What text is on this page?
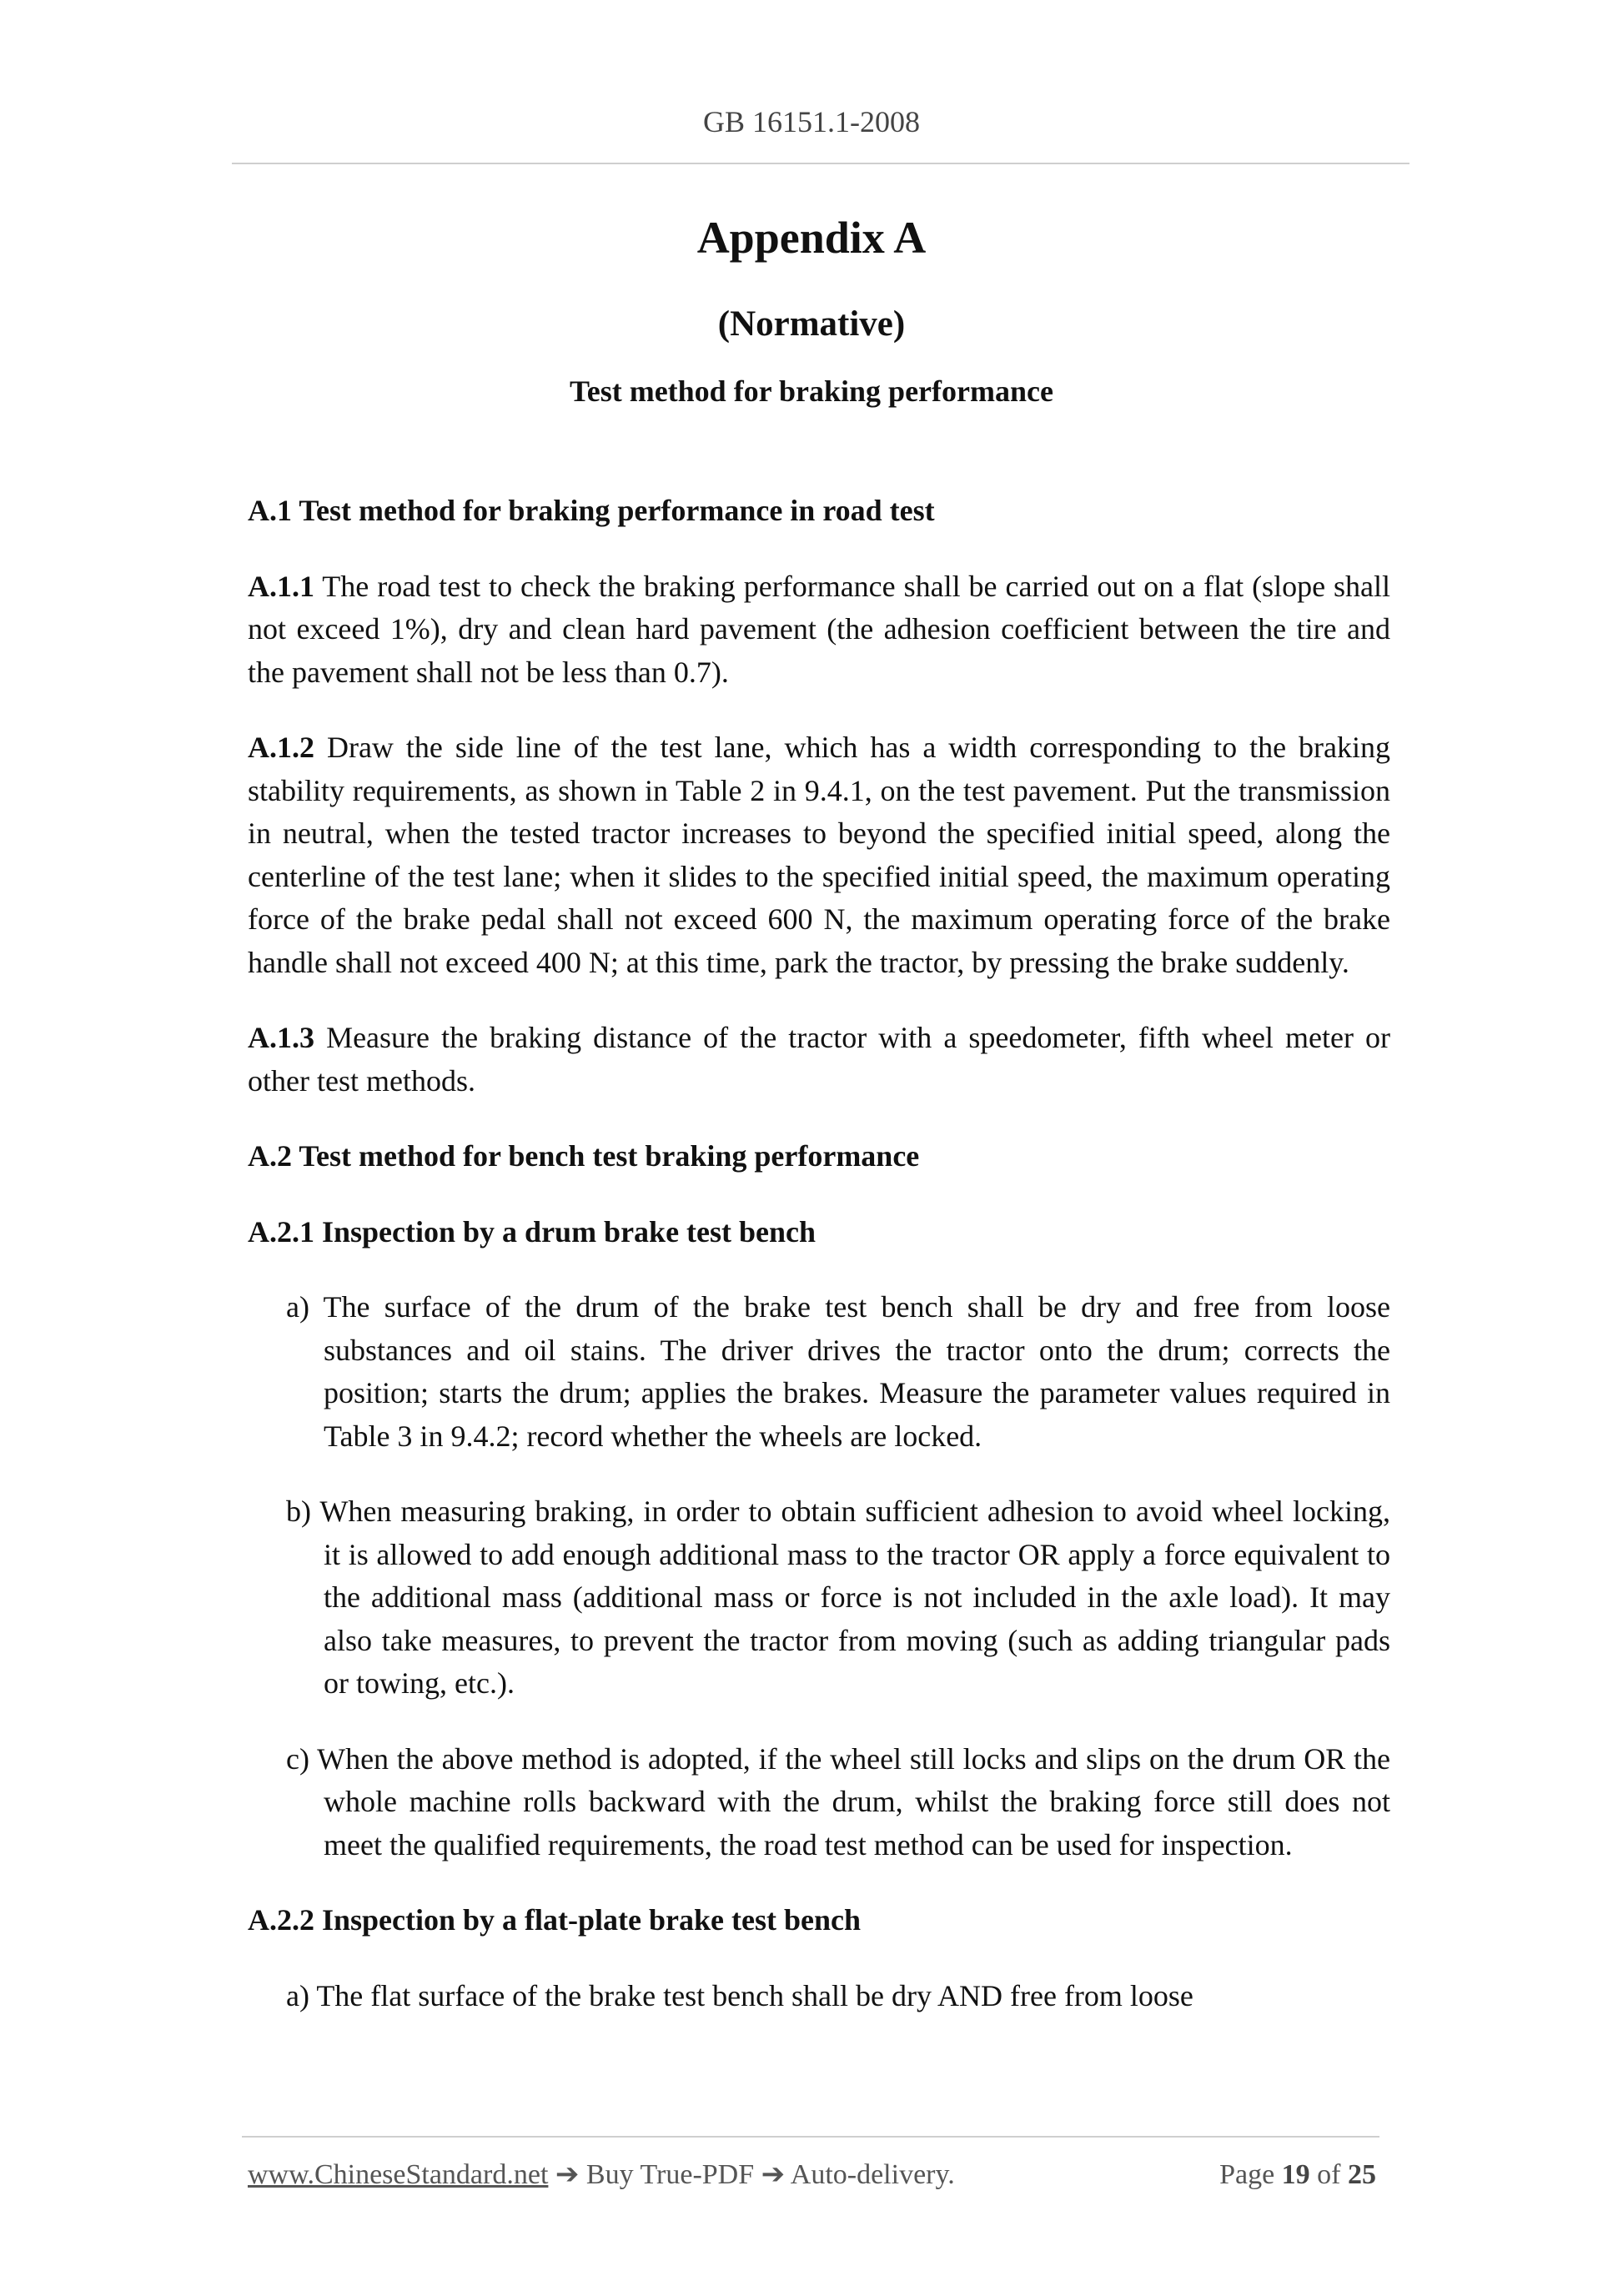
GB 16151.1-2008
Appendix A
(Normative)
Test method for braking performance
A.1 Test method for braking performance in road test
A.1.1 The road test to check the braking performance shall be carried out on a flat (slope shall not exceed 1%), dry and clean hard pavement (the adhesion coefficient between the tire and the pavement shall not be less than 0.7).
A.1.2 Draw the side line of the test lane, which has a width corresponding to the braking stability requirements, as shown in Table 2 in 9.4.1, on the test pavement. Put the transmission in neutral, when the tested tractor increases to beyond the specified initial speed, along the centerline of the test lane; when it slides to the specified initial speed, the maximum operating force of the brake pedal shall not exceed 600 N, the maximum operating force of the brake handle shall not exceed 400 N; at this time, park the tractor, by pressing the brake suddenly.
A.1.3 Measure the braking distance of the tractor with a speedometer, fifth wheel meter or other test methods.
A.2 Test method for bench test braking performance
A.2.1 Inspection by a drum brake test bench
a) The surface of the drum of the brake test bench shall be dry and free from loose substances and oil stains. The driver drives the tractor onto the drum; corrects the position; starts the drum; applies the brakes. Measure the parameter values required in Table 3 in 9.4.2; record whether the wheels are locked.
b) When measuring braking, in order to obtain sufficient adhesion to avoid wheel locking, it is allowed to add enough additional mass to the tractor OR apply a force equivalent to the additional mass (additional mass or force is not included in the axle load). It may also take measures, to prevent the tractor from moving (such as adding triangular pads or towing, etc.).
c) When the above method is adopted, if the wheel still locks and slips on the drum OR the whole machine rolls backward with the drum, whilst the braking force still does not meet the qualified requirements, the road test method can be used for inspection.
A.2.2 Inspection by a flat-plate brake test bench
a) The flat surface of the brake test bench shall be dry AND free from loose
www.ChineseStandard.net ➔ Buy True-PDF ➔ Auto-delivery.	Page 19 of 25
